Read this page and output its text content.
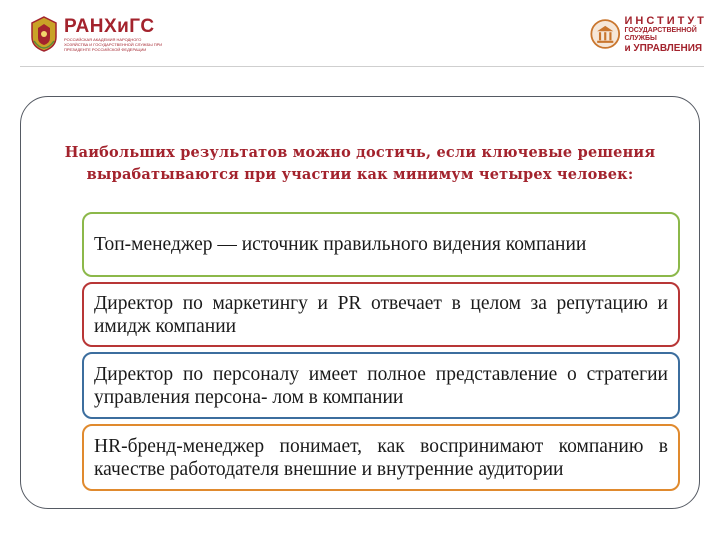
РАНХиГС
РОССИЙСКАЯ АКАДЕМИЯ НАРОДНОГО ХОЗЯЙСТВА И ГОСУДАРСТВЕННОЙ СЛУЖБЫ ПРИ ПРЕЗИДЕНТЕ РОССИЙСКОЙ ФЕДЕРАЦИИ
ИНСТИТУТ
ГОСУДАРСТВЕННОЙ СЛУЖБЫ
и УПРАВЛЕНИЯ
Наибольших результатов можно достичь, если ключевые решения вырабатываются при участии как минимум четырех человек:
Топ-менеджер — источник правильного видения компании
Директор по маркетингу и PR отвечает в целом за репутацию и имидж компании
Директор по персоналу имеет полное представление о стратегии управления персона- лом в компании
HR-бренд-менеджер понимает, как воспринимают компанию в качестве работодателя внешние и внутренние аудитории
